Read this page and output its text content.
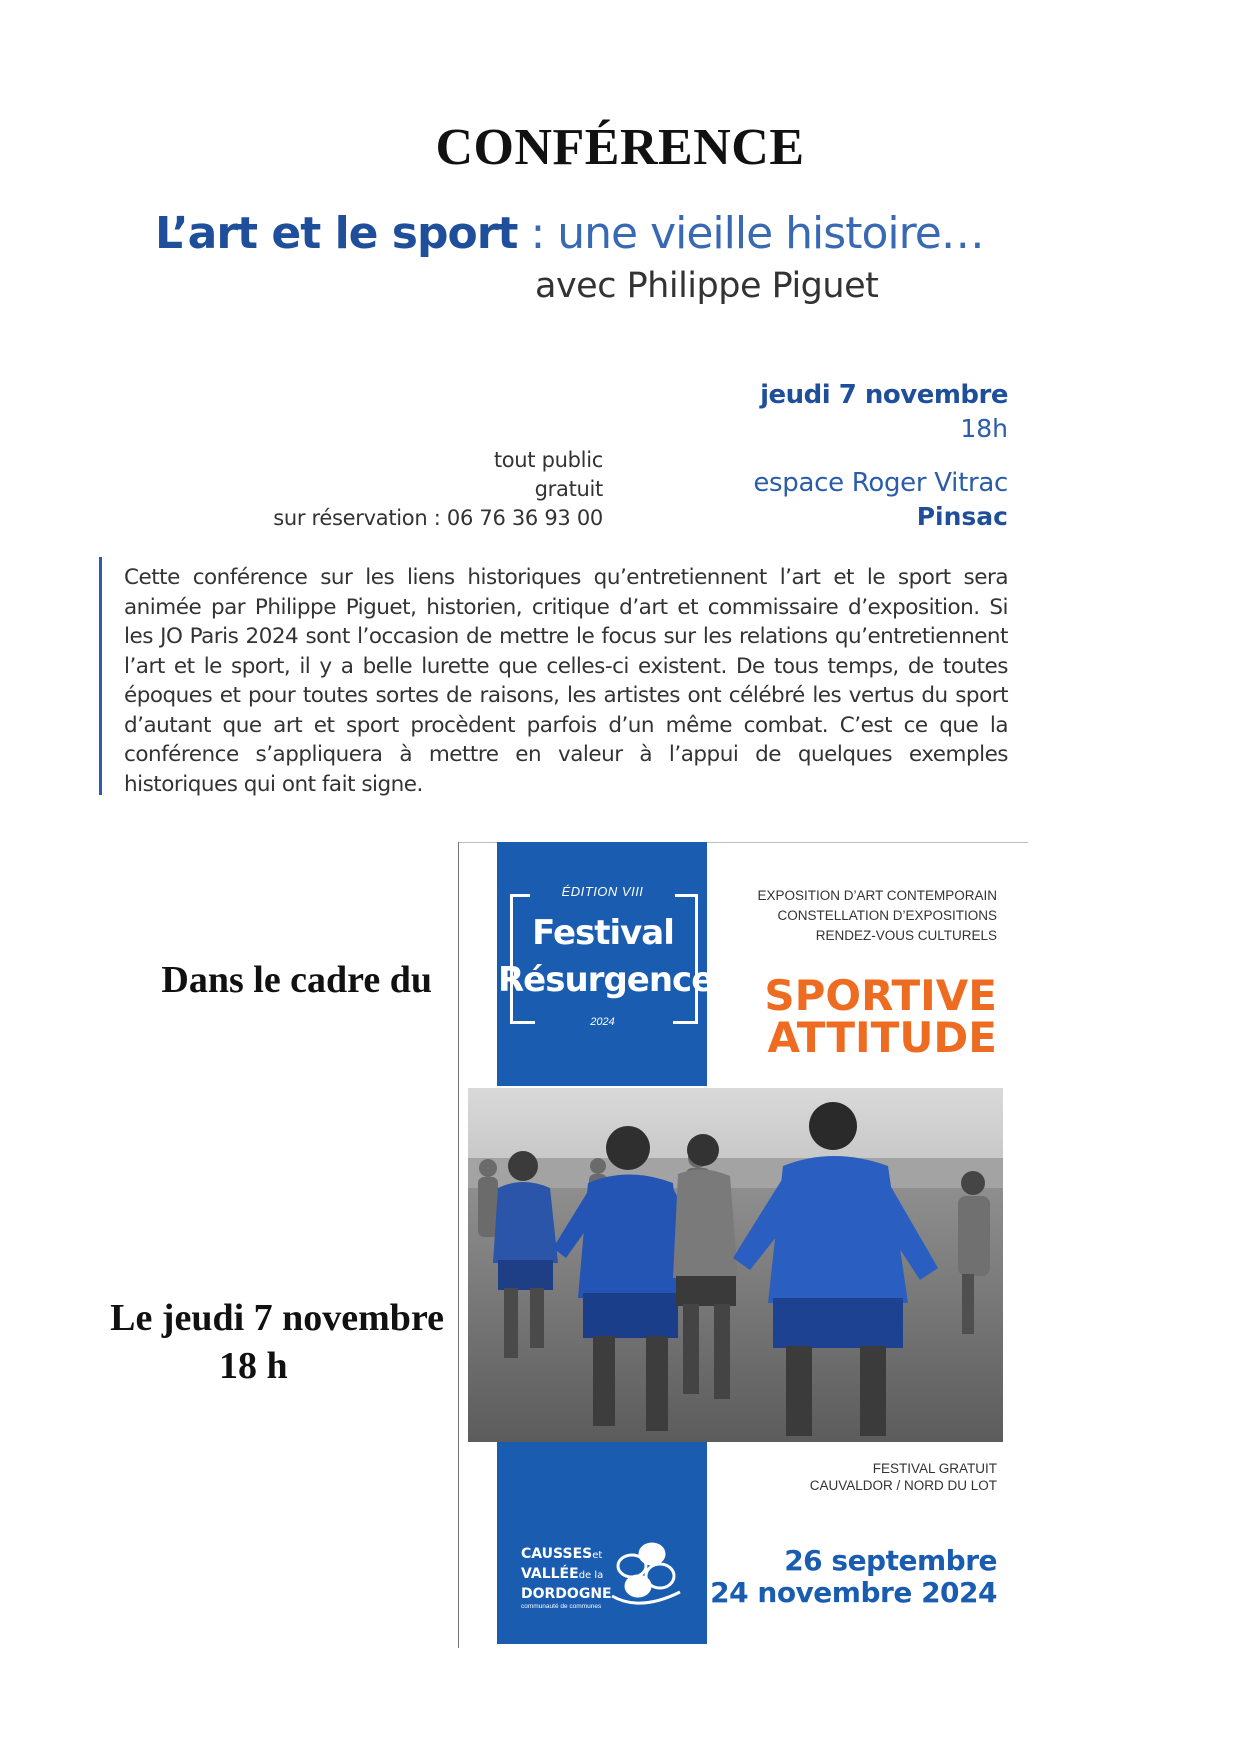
CONFÉRENCE
L’art et le sport : une vieille histoire…
avec Philippe Piguet
jeudi 7 novembre
18h
espace Roger Vitrac
Pinsac
tout public
gratuit
sur réservation : 06 76 36 93 00
Cette conférence sur les liens historiques qu’entretiennent l’art et le sport sera animée par Philippe Piguet, historien, critique d’art et commissaire d’exposition. Si les JO Paris 2024 sont l’occasion de mettre le focus sur les relations qu’entretiennent l’art et le sport, il y a belle lurette que celles-ci existent. De tous temps, de toutes époques et pour toutes sortes de raisons, les artistes ont célébré les vertus du sport d’autant que art et sport procèdent parfois d’un même combat. C’est ce que la conférence s’appliquera à mettre en valeur à l’appui de quelques exemples historiques qui ont fait signe.
Dans le cadre du
Le jeudi 7 novembre
18 h
ÉDITION VIII
Festival
Résurgence
2024
EXPOSITION D’ART CONTEMPORAIN
CONSTELLATION D’EXPOSITIONS
RENDEZ-VOUS CULTURELS
SPORTIVE
ATTITUDE
FESTIVAL GRATUIT
CAUVALDOR / NORD DU LOT
CAUSSESet
VALLÉEde la
DORDOGNE
communauté de communes
26 septembre
24 novembre 2024
